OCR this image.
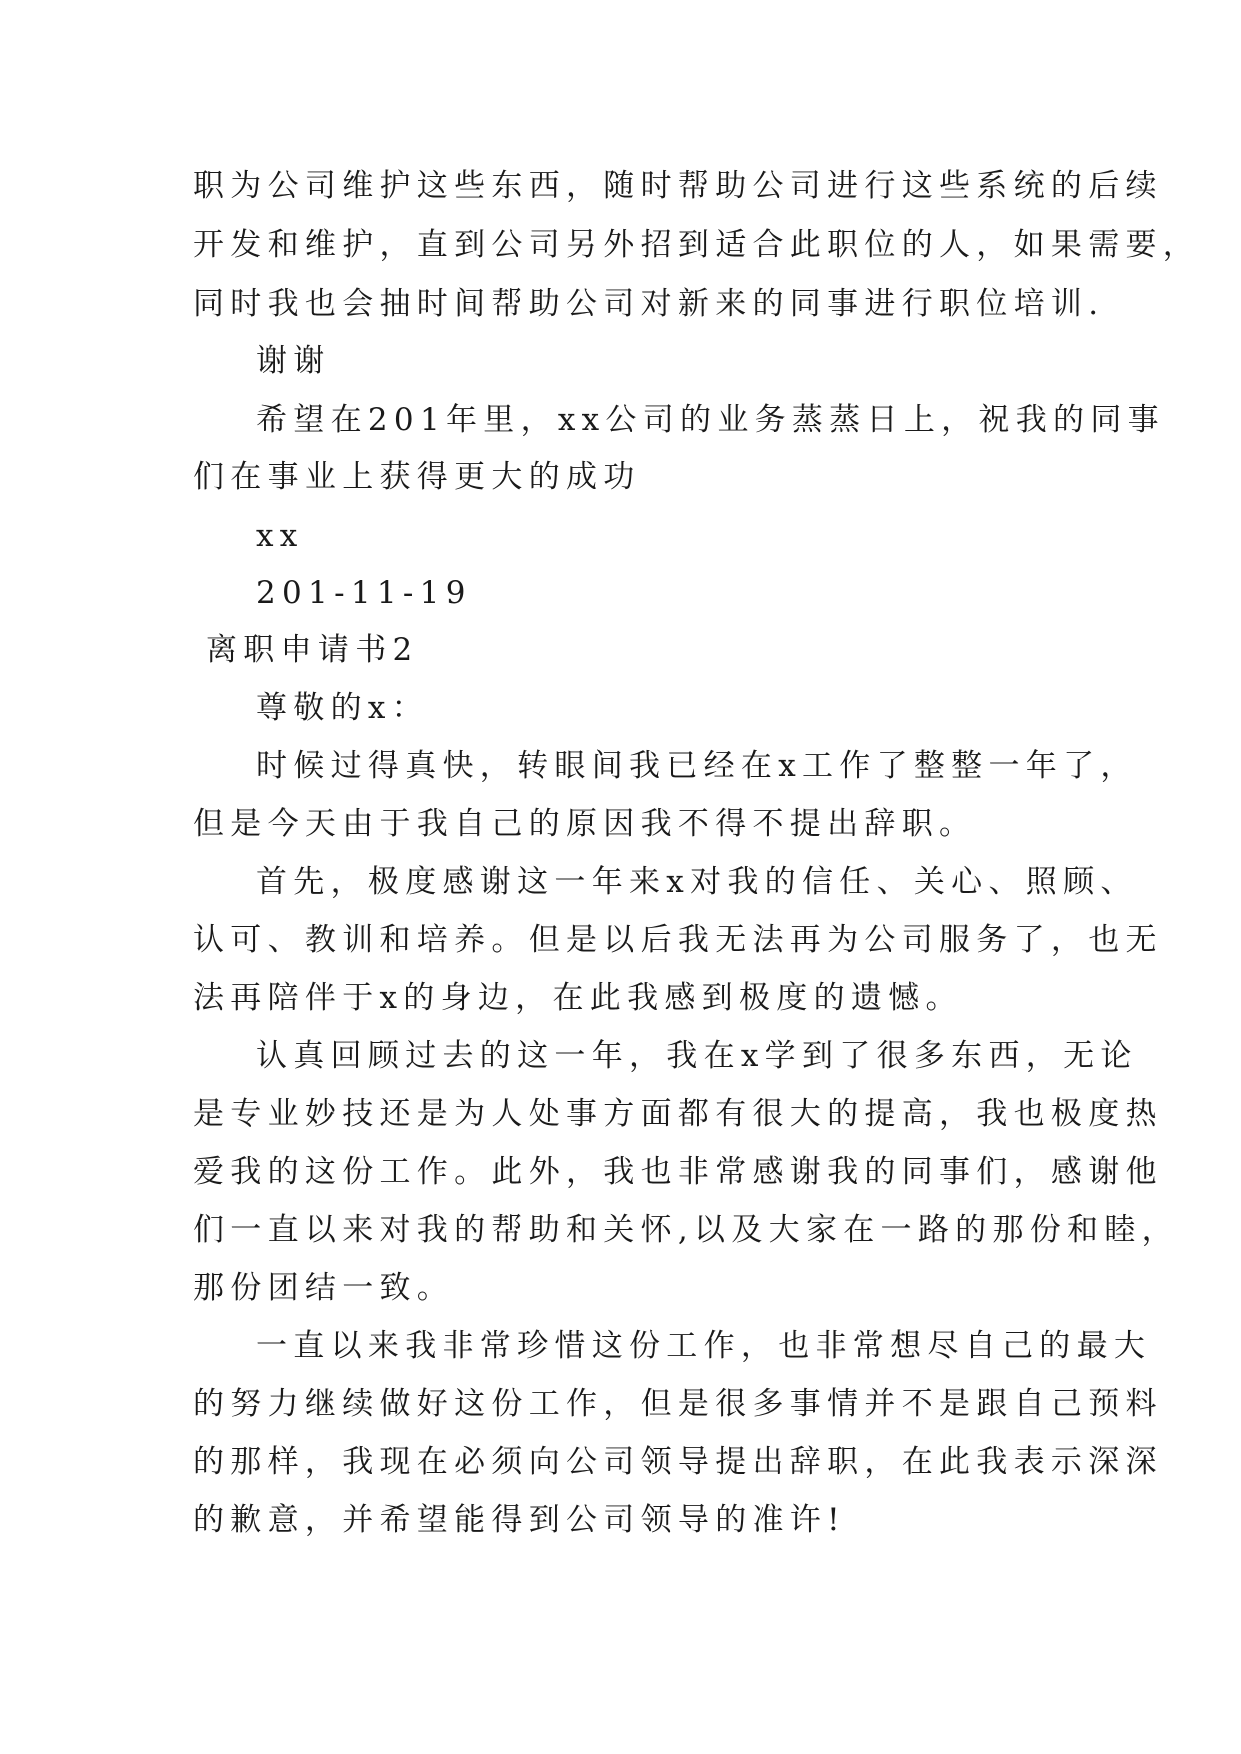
职为公司维护这些东西，随时帮助公司进行这些系统的后续
开发和维护，直到公司另外招到适合此职位的人，如果需要，
同时我也会抽时间帮助公司对新来的同事进行职位培训.
谢谢
希望在201年里，xx公司的业务蒸蒸日上，祝我的同事
们在事业上获得更大的成功
xx
201-11-19
离职申请书2
尊敬的x：
时候过得真快，转眼间我已经在x工作了整整一年了，
但是今天由于我自己的原因我不得不提出辞职。
首先，极度感谢这一年来x对我的信任、关心、照顾、
认可、教训和培养。但是以后我无法再为公司服务了，也无
法再陪伴于x的身边，在此我感到极度的遗憾。
认真回顾过去的这一年，我在x学到了很多东西，无论
是专业妙技还是为人处事方面都有很大的提高，我也极度热
爱我的这份工作。此外，我也非常感谢我的同事们，感谢他
们一直以来对我的帮助和关怀,以及大家在一路的那份和睦，
那份团结一致。
一直以来我非常珍惜这份工作，也非常想尽自己的最大
的努力继续做好这份工作，但是很多事情并不是跟自己预料
的那样，我现在必须向公司领导提出辞职，在此我表示深深
的歉意，并希望能得到公司领导的准许!
